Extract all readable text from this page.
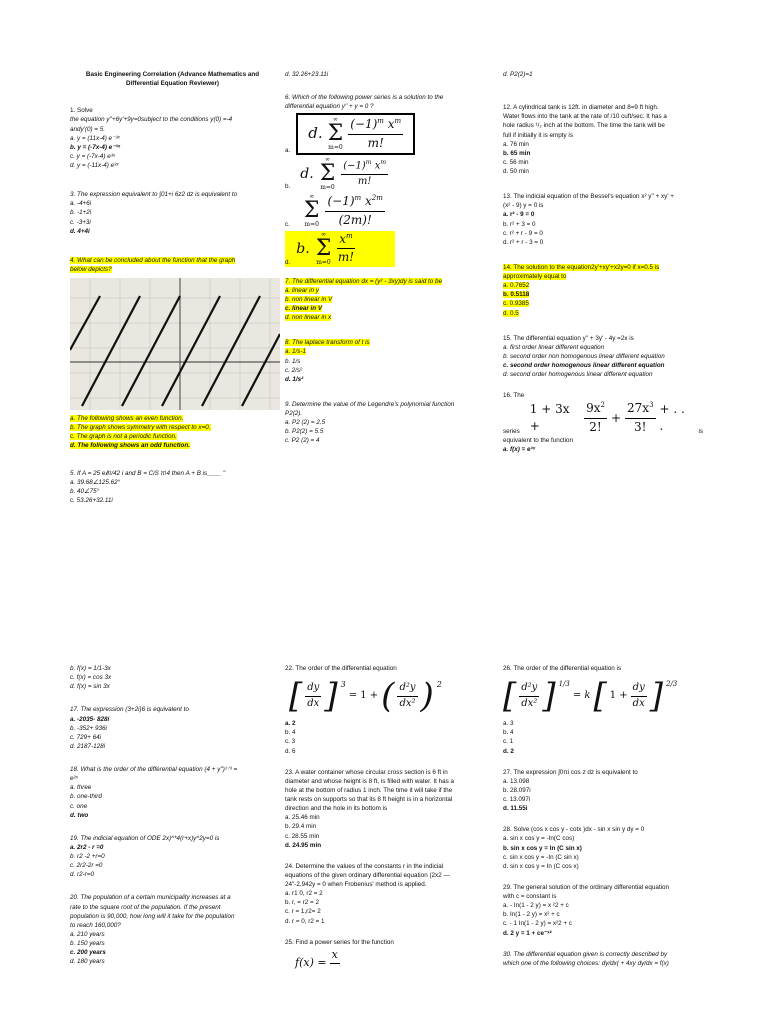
Basic Engineering Correlation (Advance Mathematics and

Differential Equation Reviewer)

1. Solve

the equation y''+6y'+9y=0subject to the conditions y(0) =-4

andy'(0) = 5.

a. y = (11x-4) e⁻³ˣ

b. y = (-7x-4) e⁻³ˣ

c. y = (-7x-4) e³ˣ

d. y = (-11x-4) e³ˣ

3. The expression equivalent to ∫01+i 6z2 dz is equivalent to

a. -4+6i

b. -1+2i

c. -3+3i

d. 4+4i

4. What can be concluded about the function that the graph

below depicts?

a. The following shows an even function.

b. The graph shows symmetry with respect to x=0.

c. The graph is not a periodic function.

d. The following shows an odd function.

5. If A = 25 e𝒊π/42 i and B = CiS π\4 then A + B is____ "

a. 39.68∠125.62°

b. 40∠75°

c. 53.26+32.11i

d. 32.26+23.11i

6. Which of the following power series is a solution to the

differential equation y'' + y = 0 ?

a.
d.
∞
Σ
$m=0 \frac{(-1)^m x^m}{m!}$
b.
d.
∞
Σ
$m=0 \frac{(-1)^m x^m}{m!}$
c.
∞
Σ
$m=0 \frac{(-1)^m x^{2m}}{(2m)!}$
d.
b.
∞
Σ
$m=0 \frac{x^m}{m!}$

7. The differential equation dx = (y² - 3xy)dy is said to be

a. linear in y

b. non linear in V

c. linear in V

d. non linear in x

8. The laplace transform of t is

a. 1/s-1

b. 1/s

c. 2/s²

d. 1/s²

9. Determine the value of the Legendre's polynomial function

P2(2).

a. P2 (2) = 2.5

b. P2(2) = 5.5

c. P2 (2) = 4

d. P2(2)=1

12. A cylindrical tank is 12ft. in diameter and 8=9 ft high.

Water flows into the tank at the rate of /10 cuft/sec. It has a

hole radius ¹/₂ inch at the bottom. The time the tank will be

full if initially it is empty is

a. 76 min

b. 65 min

c. 56 min

d. 50 min

13. The indicial equation of the Bessel's equation x² y'' + xy' +

(x² - 9) y = 0 is

a. r² - 9 = 0

b. r² + 3 = 0

c. r² + r - 9 = 0

d. r² + r - 3 = 0

14. The solution to the equation2y'+xy'+x2y=0 if x=0.5 is

approximately equal to

a. 0.7652

b. 0.5118

c. 0.9385

d. 0.5

15. The differential equation y'' + 3y' - 4y =2x is

a. first order linear different equation

b. second order non homogenous linear different equation

c. second order homogenous linear different equation

d. second order homogenous linear different equation

16. The

series
1 + 3x +	$\frac{9x^2}{2!} + \frac{27x^3}{3!}$ + . . .	is

equivalent to the function

a. f(x) = e³ˣ

b. f(x) = 1/1-3x

c. f(x) = cos 3x

d. f(x) = sin 3x

17. The expression (3+2i)6 is equivalent to

a. -2035- 828i

b. -352+ 936i

c. 729+ 64i

d. 2187-128i

18. What is the order of the differential equation (4 + y'')¹ᐟ³ =

e²ˣ

a. three

b. one-third

c. one

d. two

19. The indicial equation of ODE 2x)^*4(r+x)y^2y=0 is

a. 2r2 - r =0

b. r2 -2 +r=0

c. 2r2-2r =0

d. r2-r=0

20. The population of a certain municipality increases at a

rate to the square root of the population. If the present

population is 90,000, how long will it take for the population

to reach 160,000?

a. 210 years

b. 150 years

c. 200 years

d. 180 years

22. The order of the differential equation

[ $\frac{dy}{dx}$ ] $^3$
= 1 + ( $\frac{\text{d²y}}{\text{dx²}}$ ) $^2$

a. 2

b. 4

c. 3

d. 6

23. A water container whose circular cross section is 6 ft in

diameter and whose height is 8 ft, is filled with water. It has a

hole at the bottom of radius 1 inch. The time it will take if the

tank rests on supports so that its 8 ft height is in a horizontal

direction and the hole in its bottom is

a. 25.46 min

b. 29.4 min

c. 28.55 min

d. 24.95 min

24. Determine the values of the constants r in the indicial

equations of the given ordinary differential equation (2x2 —

24"-2,942y = 0 when Frobenius' method is applied.

a. r1 0, r2 = 2

b. r, = r2 = 2

c. r = 1,r2= 2

d. r = 0, r2 = 1

25. Find a power series for the function

f(x) =
x

26. The order of the differential equation is

[ $\frac{\text{d²y}}{\text{dx²}}$ ] $^{1/3}$
= k [ $1 + \frac{dy}{dx}$ ] $^{2/3}$

a. 3

b. 4

c. 1

d. 2

27. The expression ∫0πi cos z dz is equivalent to

a. 13.098

b. 28.097i

c. 13.097i

d. 11.55i

28. Solve (cos x cos y - cotx )dx - sin x sin y dy = 0

a. sin x cos y = -In(C cos)

b. sin x cos y = In (C sin x)

c. sin x cos y = -In (C sin x)

d. sin x cos y = In (C cos x)

29. The general solution of the ordinary differential equation

with c = constant is

a. - In(1 - 2 y) = x ²2 + c

b. In(1 - 2 y) = x² + c

c. - 1 In(1 - 2 y) = x²2 + c

d. 2 y = 1 + ce⁻ˣ²

30. The differential equation given is correctly described by

which one of the following choices: dy/dx( + 4xy dy/dx = f(x)
